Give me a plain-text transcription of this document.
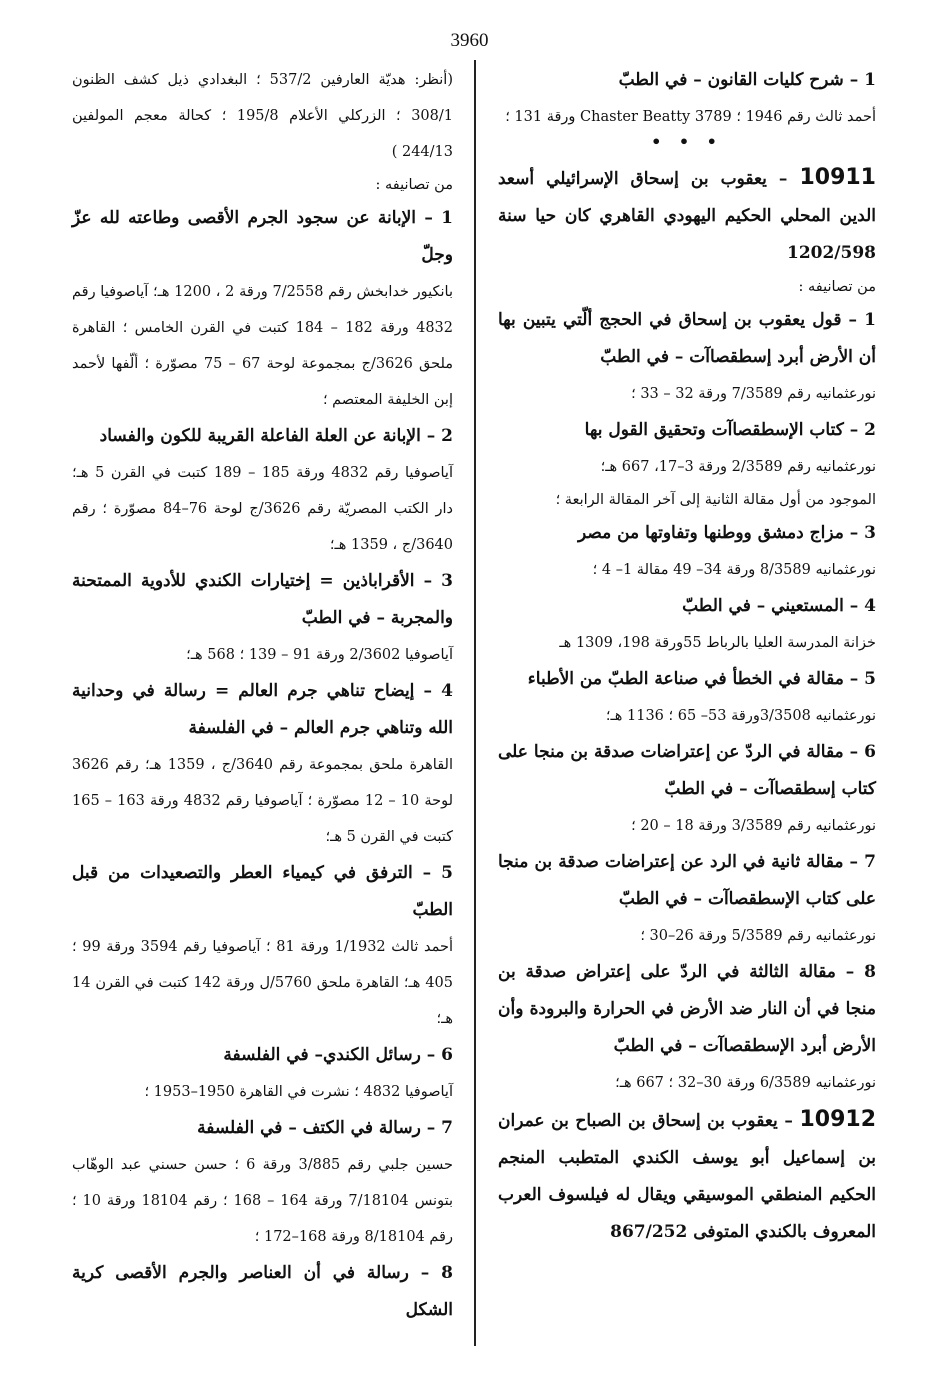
3960

1 – شرح كليات القانون – في الطبّ

أحمد ثالث رقم 1946 ؛ Chaster Beatty 3789 ورقة 131 ؛

• • •

10911 – يعقوب بن إسحاق الإسرائيلي أسعد الدين المحلي الحكيم اليهودي القاهري كان حيا سنة 1202/598

من تصانيفه :

1 – قول يعقوب بن إسحاق في الحجج ألّتي يتبين بها أن الأرض أبرد إسطقصاآت – في الطبّ

نورعثمانيه رقم 7/3589 ورقة 32 – 33 ؛

2 – كتاب الإسطقصاآت وتحقيق القول بها

نورعثمانيه رقم 2/3589 ورقة 3–17، 667 هـ؛

الموجود من أول مقالة الثانية إلى آخر المقالة الرابعة ؛

3 – مزاج دمشق ووطنها وتفاوتها من مصر

نورعثمانيه 8/3589 ورقة 34– 49 مقالة 1– 4 ؛

4 – المستعيني – في الطبّ

خزانة المدرسة العليا بالرباط 55ورقة 198، 1309 هـ

5 – مقالة في الخطأ في صناعة الطبّ من الأطباء

نورعثمانيه 3/3508ورقة 53– 65 ؛ 1136 هـ؛

6 – مقالة في الردّ عن إعتراضات صدقة بن منجا على كتاب إسطقصاآت – في الطبّ

نورعثمانيه رقم 3/3589 ورقة 18 – 20 ؛

7 – مقالة ثانية في الرد عن إعتراضات صدقة بن منجا على كتاب الإسطقصاآت – في الطبّ

نورعثمانيه رقم 5/3589 ورقة 26–30 ؛

8 – مقالة الثالثة في الردّ على إعتراض صدقة بن منجا في أن النار ضد الأرض في الحرارة والبرودة وأن الأرض أبرد الإسطقصاآت – في الطبّ

نورعثمانيه 6/3589 ورقة 30–32 ؛ 667 هـ؛

10912 – يعقوب بن إسحاق بن الصباح بن عمران بن إسماعيل أبو يوسف الكندي المتطبب المنجم الحكيم المنطقي الموسيقي ويقال له فيلسوف العرب المعروف بالكندي المتوفى 867/252

(أنظر: هديّة العارفين 537/2 ؛ البغدادي ذيل كشف الظنون 308/1 ؛ الزركلي الأعلام 195/8 ؛ كحالة معجم المولفين 244/13 )

من تصانيفه :

1 – الإبانة عن سجود الجرم الأقصى وطاعته لله عزّ وجلّ

بانكيور خدابخش رقم 7/2558 ورقة 2 ، 1200 هـ؛ آياصوفيا رقم 4832 ورقة 182 – 184 كتبت في القرن الخامس ؛ القاهرة ملحق 3626/ج بمجموعة لوحة 67 – 75 مصوّرة ؛ ألّفها لأحمد إبن الخليفة المعتصم ؛

2 – الإبانة عن العلة الفاعلة القريبة للكون والفساد

آياصوفيا رقم 4832 ورقة 185 – 189 كتبت في القرن 5 هـ؛ دار الكتب المصريّة رقم 3626/ج لوحة 76–84 مصوّرة ؛ رقم 3640/ج ، 1359 هـ؛

3 – الأقراباذين = إختيارات الكندي للأدوية الممتحنة والمجربة – في الطبّ

آياصوفيا 2/3602 ورقة 91 – 139 ؛ 568 هـ؛

4 – إيضاح تناهي جرم العالم = رسالة في وحدانية الله وتناهي جرم العالم – في الفلسفة

القاهرة ملحق بمجموعة رقم 3640/ج ، 1359 هـ؛ رقم 3626 لوحة 10 – 12 مصوّرة ؛ آياصوفيا رقم 4832 ورقة 163 – 165 كتبت في القرن 5 هـ؛

5 – الترفق في كيمياء العطر والتصعيدات من قبل الطبّ

أحمد ثالث 1/1932 ورقة 81 ؛ آياصوفيا رقم 3594 ورقة 99 ؛ 405 هـ؛ القاهرة ملحق 5760/ل ورقة 142 كتبت في القرن 14 هـ؛

6 – رسائل الكندي– في الفلسفة

آياصوفيا 4832 ؛ نشرت في القاهرة 1950–1953 ؛

7 – رسالة في الكتف – في الفلسفة

حسين جلبي رقم 3/885 ورقة 6 ؛ حسن حسني عبد الوهّاب بتونس 7/18104 ورقة 164 – 168 ؛ رقم 18104 ورقة 10 ؛ رقم 8/18104 ورقة 168–172 ؛

8 – رسالة في أن العناصر والجرم الأقصى كرية الشكل
